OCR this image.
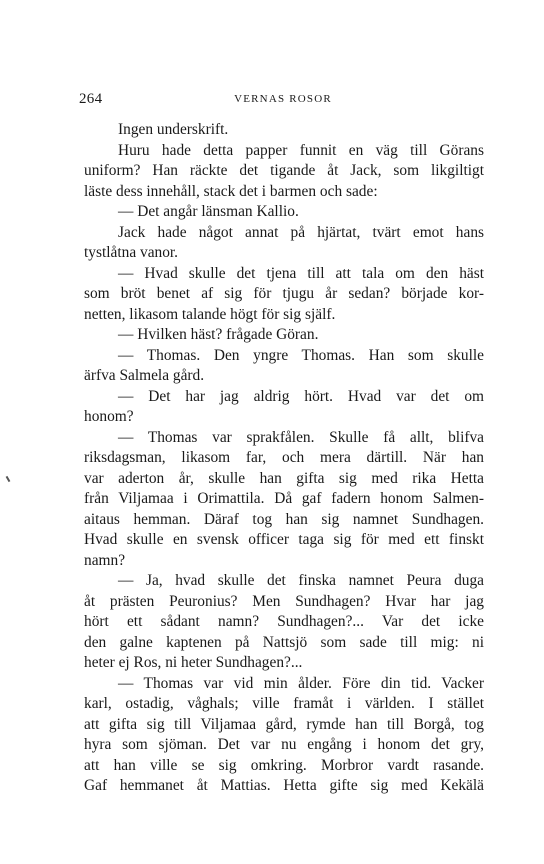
264	VERNAS ROSOR
Ingen underskrift.
Huru hade detta papper funnit en väg till Görans
uniform? Han räckte det tigande åt Jack, som likgiltigt
läste dess innehåll, stack det i barmen och sade:
— Det angår länsman Kallio.
Jack hade något annat på hjärtat, tvärt emot hans
tystlåtna vanor.
— Hvad skulle det tjena till att tala om den häst
som bröt benet af sig för tjugu år sedan? började kor-
netten, likasom talande högt för sig själf.
— Hvilken häst? frågade Göran.
— Thomas. Den yngre Thomas. Han som skulle
ärfva Salmela gård.
— Det har jag aldrig hört. Hvad var det om
honom?
— Thomas var sprakfålen. Skulle få allt, blifva
riksdagsman, likasom far, och mera därtill. När han
var aderton år, skulle han gifta sig med rika Hetta
från Viljamaa i Orimattila. Då gaf fadern honom Salmen-
aitaus hemman. Däraf tog han sig namnet Sundhagen.
Hvad skulle en svensk officer taga sig för med ett finskt
namn?
— Ja, hvad skulle det finska namnet Peura duga
åt prästen Peuronius? Men Sundhagen? Hvar har jag
hört ett sådant namn? Sundhagen?... Var det icke
den galne kaptenen på Nattsjö som sade till mig: ni
heter ej Ros, ni heter Sundhagen?...
— Thomas var vid min ålder. Före din tid. Vacker
karl, ostadig, våghals; ville framåt i världen. I stället
att gifta sig till Viljamaa gård, rymde han till Borgå, tog
hyra som sjöman. Det var nu engång i honom det gry,
att han ville se sig omkring. Morbror vardt rasande.
Gaf hemmanet åt Mattias. Hetta gifte sig med Kekälä
